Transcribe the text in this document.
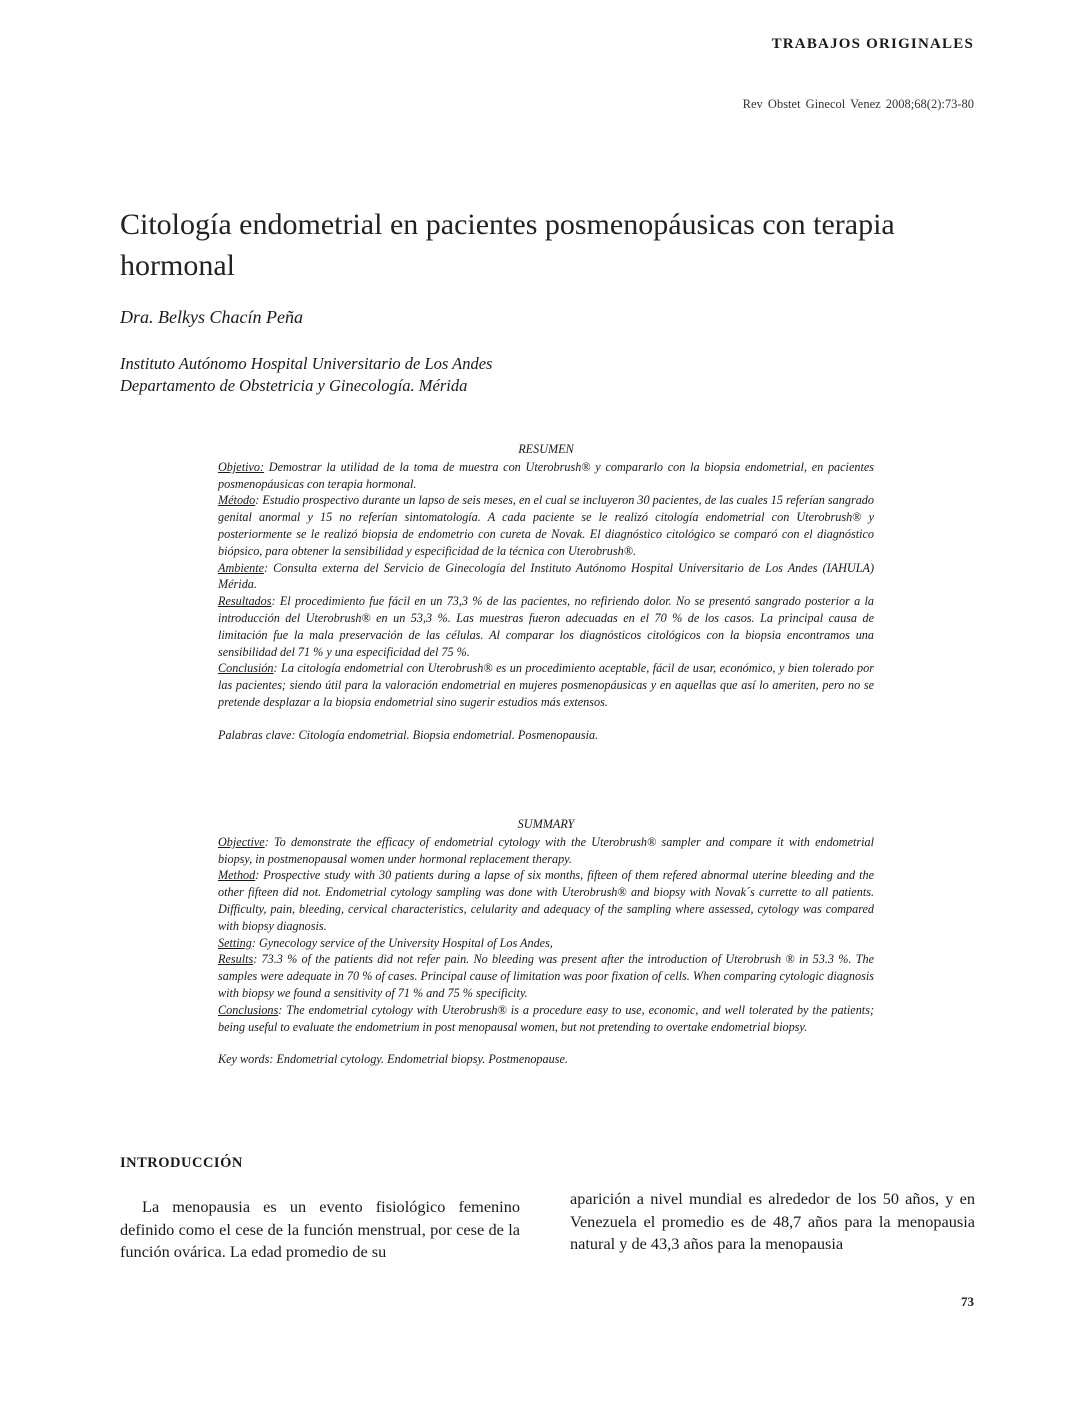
TRABAJOS ORIGINALES
Rev Obstet Ginecol Venez 2008;68(2):73-80
Citología endometrial en pacientes posmenopáusicas con terapia hormonal
Dra. Belkys Chacín Peña
Instituto Autónomo Hospital Universitario de Los Andes
Departamento de Obstetricia y Ginecología. Mérida
RESUMEN

Objetivo: Demostrar la utilidad de la toma de muestra con Uterobrush® y compararlo con la biopsia endometrial, en pacientes posmenopáusicas con terapia hormonal.

Método: Estudio prospectivo durante un lapso de seis meses, en el cual se incluyeron 30 pacientes, de las cuales 15 referían sangrado genital anormal y 15 no referían sintomatología. A cada paciente se le realizó citología endometrial con Uterobrush® y posteriormente se le realizó biopsia de endometrio con cureta de Novak. El diagnóstico citológico se comparó con el diagnóstico biópsico, para obtener la sensibilidad y especificidad de la técnica con Uterobrush®.

Ambiente: Consulta externa del Servicio de Ginecología del Instituto Autónomo Hospital Universitario de Los Andes (IAHULA) Mérida.

Resultados: El procedimiento fue fácil en un 73,3 % de las pacientes, no refiriendo dolor. No se presentó sangrado posterior a la introducción del Uterobrush® en un 53,3 %. Las muestras fueron adecuadas en el 70 % de los casos. La principal causa de limitación fue la mala preservación de las células. Al comparar los diagnósticos citológicos con la biopsia encontramos una sensibilidad del 71 % y una especificidad del 75 %.

Conclusión: La citología endometrial con Uterobrush® es un procedimiento aceptable, fácil de usar, económico, y bien tolerado por las pacientes; siendo útil para la valoración endometrial en mujeres posmenopáusicas y en aquellas que así lo ameriten, pero no se pretende desplazar a la biopsia endometrial sino sugerir estudios más extensos.

Palabras clave: Citología endometrial. Biopsia endometrial. Posmenopausia.

SUMMARY

Objective: To demonstrate the efficacy of endometrial cytology with the Uterobrush® sampler and compare it with endometrial biopsy, in postmenopausal women under hormonal replacement therapy.

Method: Prospective study with 30 patients during a lapse of six months, fifteen of them refered abnormal uterine bleeding and the other fifteen did not. Endometrial cytology sampling was done with Uterobrush® and biopsy with Novak´s currette to all patients. Difficulty, pain, bleeding, cervical characteristics, celularity and adequacy of the sampling where assessed, cytology was compared with biopsy diagnosis.

Setting: Gynecology service of the University Hospital of Los Andes,

Results: 73.3 % of the patients did not refer pain. No bleeding was present after the introduction of Uterobrush ® in 53.3 %. The samples were adequate in 70 % of cases. Principal cause of limitation was poor fixation of cells. When comparing cytologic diagnosis with biopsy we found a sensitivity of 71 % and 75 % specificity.

Conclusions: The endometrial cytology with Uterobrush® is a procedure easy to use, economic, and well tolerated by the patients; being useful to evaluate the endometrium in post menopausal women, but not pretending to overtake endometrial biopsy.

Key words: Endometrial cytology. Endometrial biopsy. Postmenopause.

INTRODUCCIÓN
La menopausia es un evento fisiológico femenino definido como el cese de la función menstrual, por cese de la función ovárica. La edad promedio de su
aparición a nivel mundial es alrededor de los 50 años, y en Venezuela el promedio es de 48,7 años para la menopausia natural y de 43,3 años para la menopausia
73
